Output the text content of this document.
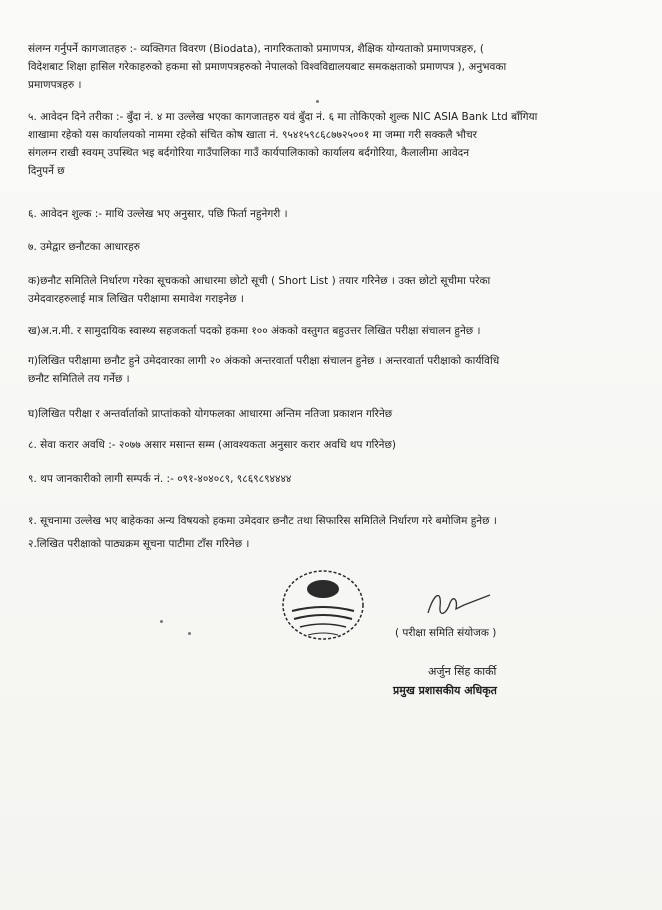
संलग्न गर्नुपर्ने कागजातहरु :- व्यक्तिगत विवरण (Biodata), नागरिकताको प्रमाणपत्र, शैक्षिक योग्यताको प्रमाणपत्रहरु, (
विदेशबाट शिक्षा हासिल गरेकाहरुको हकमा सो प्रमाणपत्रहरुको नेपालको विश्वविद्यालयबाट समकक्षताको प्रमाणपत्र ), अनुभवका
प्रमाणपत्रहरु ।

५. आवेदन दिने तरीका :- बुँदा नं. ४ मा उल्लेख भएका कागजातहरु यवं बुँदा नं. ६ मा तोकिएको शुल्क NIC ASIA Bank Ltd बाँगिया
शाखामा रहेको यस कार्यालयको नाममा रहेको संचित कोष खाता नं. ९५४१५९८६८७७२५००१ मा जम्मा गरी सक्कलै भौचर
संगलग्न राखी स्वयम् उपस्थित भइ बर्दगोरिया गाउँपालिका गाउँ कार्यपालिकाको कार्यालय बर्दगोरिया, कैलालीमा आवेदन
दिनुपर्ने छ

६. आवेदन शुल्क :- माथि उल्लेख भए अनुसार, पछि फिर्ता नहुनेगरी ।

७. उमेद्वार छनौटका आधारहरु

क)छनौट समितिले निर्धारण गरेका सूचकको आधारमा छोटो सूची ( Short List ) तयार गरिनेछ । उक्त छोटो सूचीमा परेका
उमेदवारहरुलाई मात्र लिखित परीक्षामा समावेश गराइनेछ ।

ख)अ.न.मी. र सामुदायिक स्वास्थ्य सहजकर्ता पदको हकमा १०० अंकको वस्तुगत बहुउत्तर लिखित परीक्षा संचालन हुनेछ ।

ग)लिखित परीक्षामा छनौट हुने उमेदवारका लागी २० अंकको अन्तरवार्ता परीक्षा संचालन हुनेछ । अन्तरवार्ता परीक्षाको कार्यविधि
छनौट समितिले तय गर्नेछ ।

घ)लिखित परीक्षा र अन्तर्वार्ताको प्राप्तांकको योगफलका आधारमा अन्तिम नतिजा प्रकाशन गरिनेछ

८. सेवा करार अवधि :- २०७७ असार मसान्त सम्म (आवश्यकता अनुसार करार अवधि थप गरिनेछ)

९. थप जानकारीको लागी सम्पर्क नं. :- ०९१-४०४०८९, ९८६९८९४४४४

१. सूचनामा उल्लेख भए बाहेकका अन्य विषयको हकमा उमेदवार छनौट तथा सिफारिस समितिले निर्धारण गरे बमोजिम हुनेछ ।

२.लिखित परीक्षाको पाठ्यक्रम सूचना पाटीमा टाँस गरिनेछ ।

( परीक्षा समिति संयोजक )
अर्जुन सिंह कार्की
प्रमुख प्रशासकीय अधिकृत
